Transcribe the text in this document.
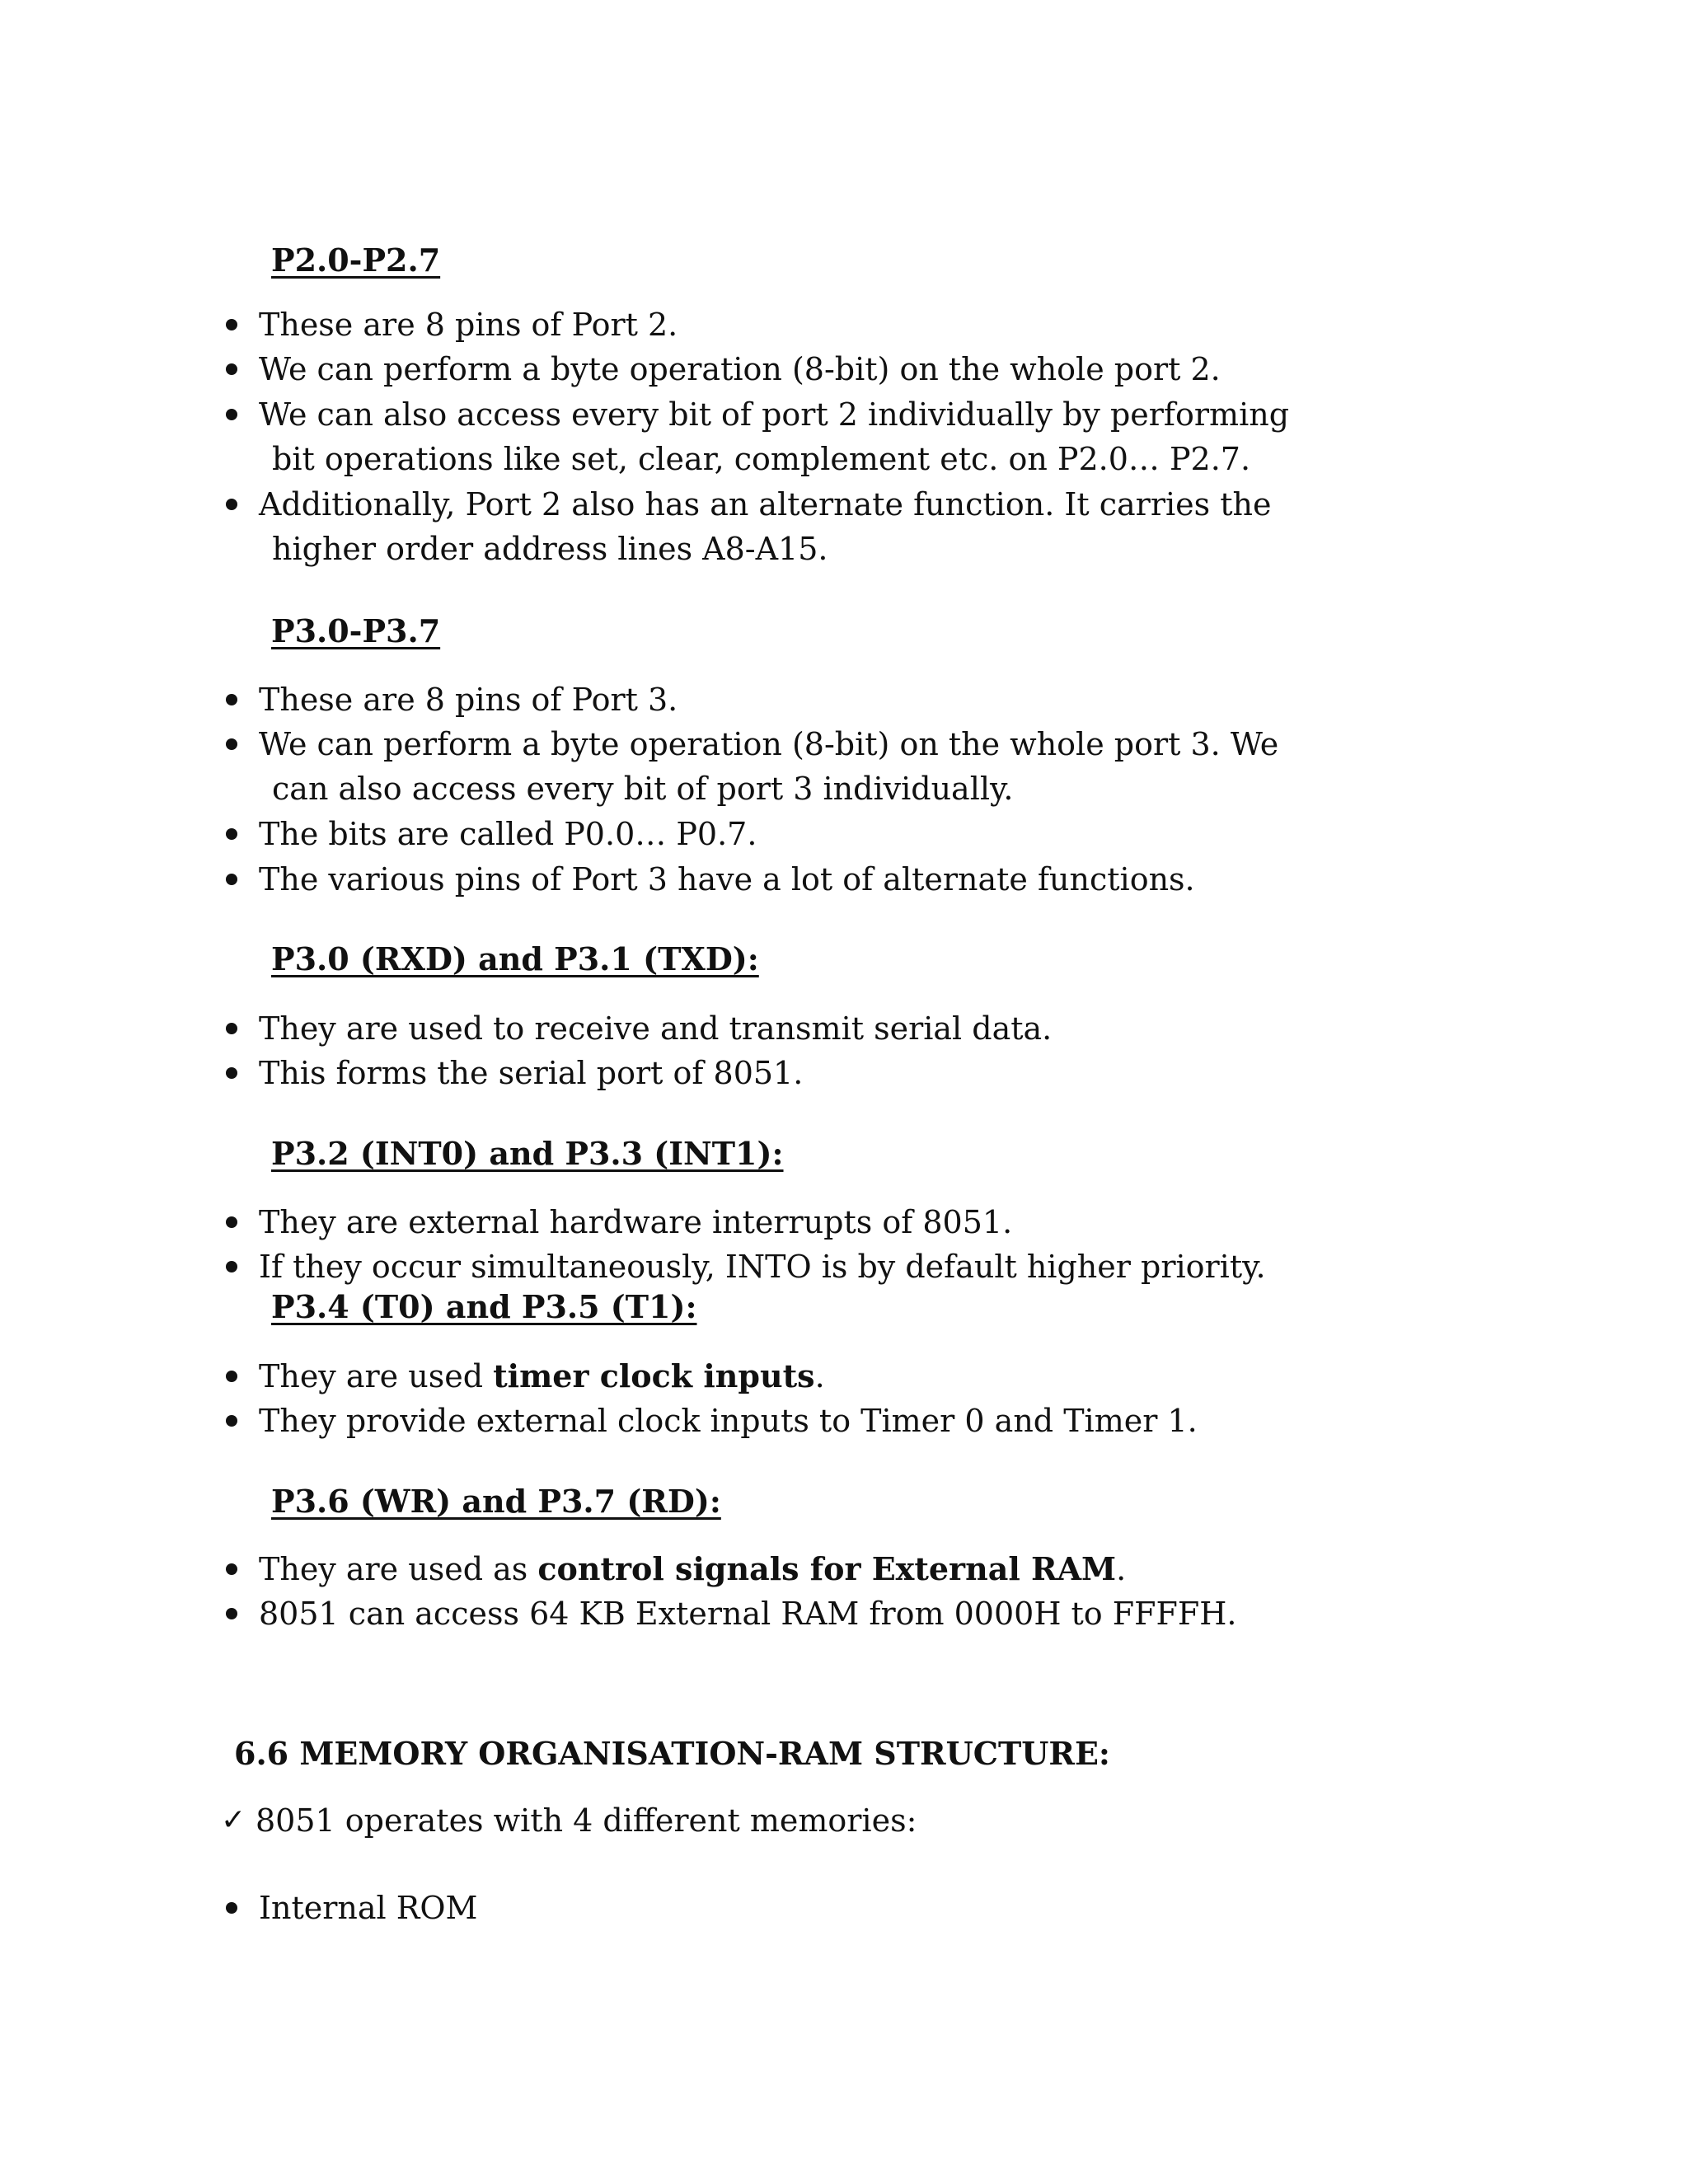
P2.0-P2.7
These are 8 pins of Port 2.
We can perform a byte operation (8-bit) on the whole port 2.
We can also access every bit of port 2 individually by performing
bit operations like set, clear, complement etc. on P2.0… P2.7.
Additionally, Port 2 also has an alternate function. It carries the
higher order address lines A8-A15.
P3.0-P3.7
These are 8 pins of Port 3.
We can perform a byte operation (8-bit) on the whole port 3. We
can also access every bit of port 3 individually.
The bits are called P0.0… P0.7.
The various pins of Port 3 have a lot of alternate functions.
P3.0 (RXD) and P3.1 (TXD):
They are used to receive and transmit serial data.
This forms the serial port of 8051.
P3.2 (INT0) and P3.3 (INT1):
They are external hardware interrupts of 8051.
If they occur simultaneously, INTO is by default higher priority.
P3.4 (T0) and P3.5 (T1):
They are used timer clock inputs.
They provide external clock inputs to Timer 0 and Timer 1.
P3.6 (WR) and P3.7 (RD):
They are used as control signals for External RAM.
8051 can access 64 KB External RAM from 0000H to FFFFH.
6.6 MEMORY ORGANISATION-RAM STRUCTURE:
✓ 8051 operates with 4 different memories:
Internal ROM
